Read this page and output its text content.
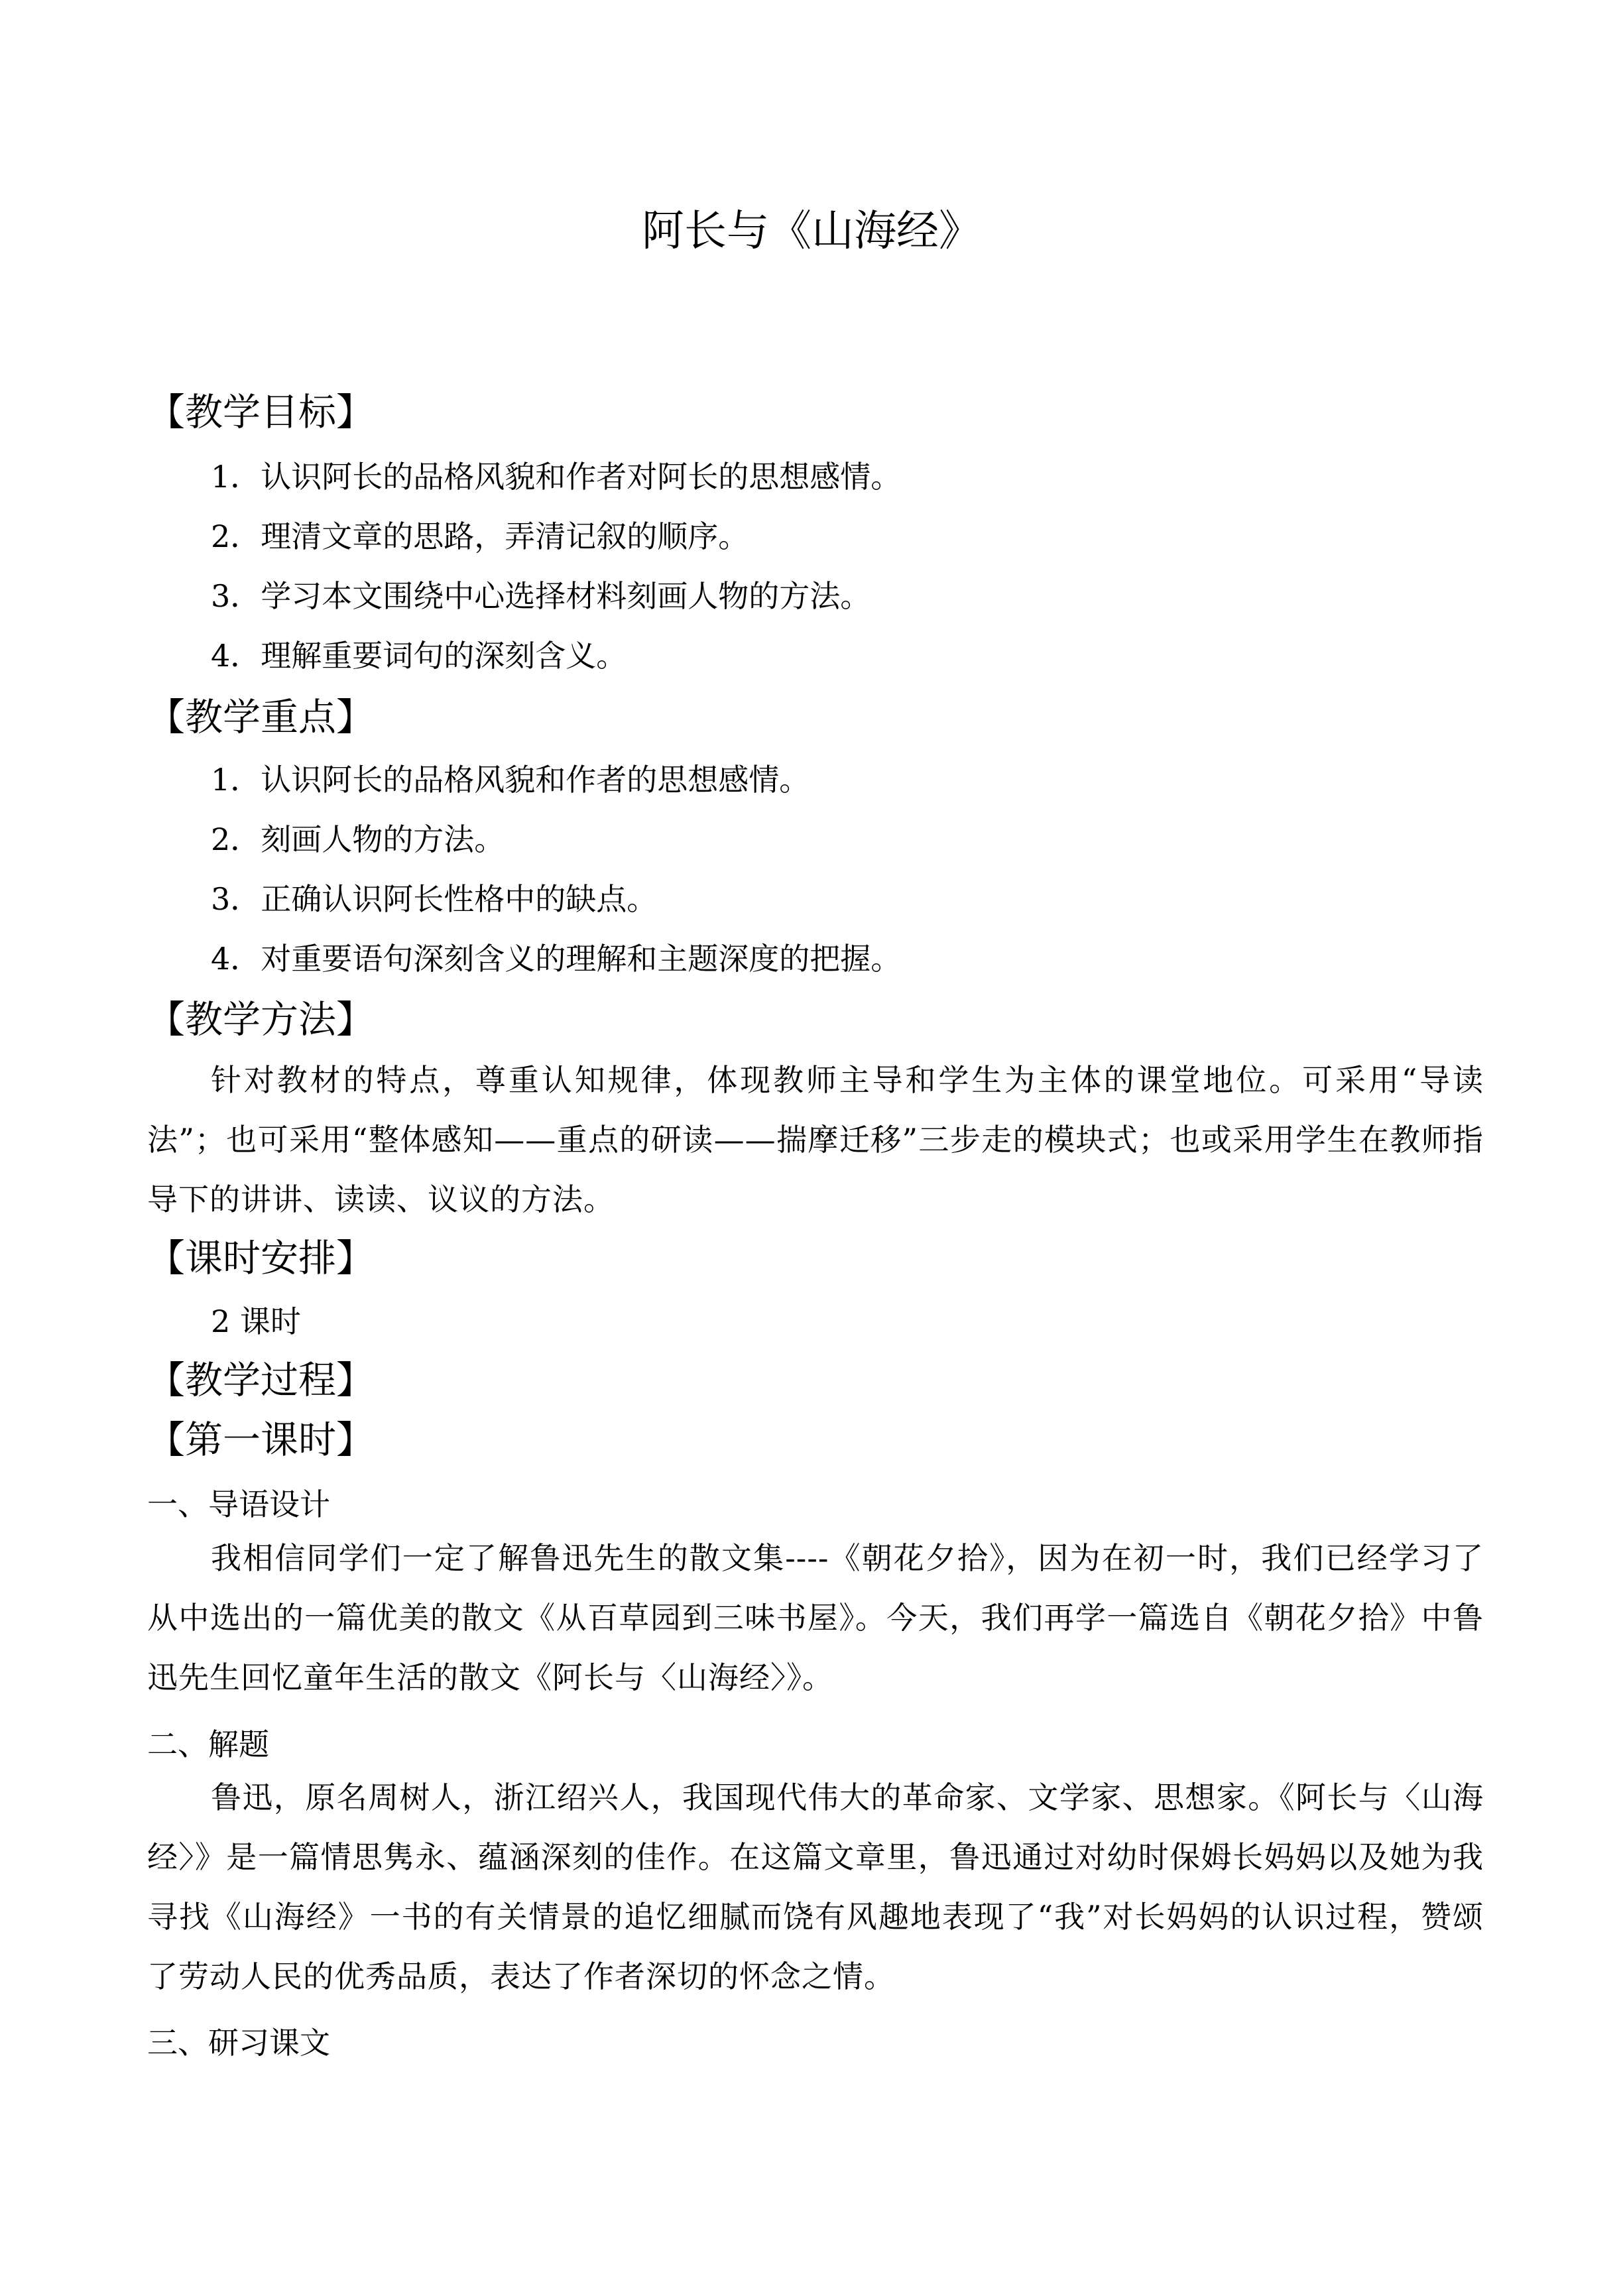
阿长与《山海经》
【教学目标】
1．认识阿长的品格风貌和作者对阿长的思想感情。
2．理清文章的思路，弄清记叙的顺序。
3．学习本文围绕中心选择材料刻画人物的方法。
4．理解重要词句的深刻含义。
【教学重点】
1．认识阿长的品格风貌和作者的思想感情。
2．刻画人物的方法。
3．正确认识阿长性格中的缺点。
4．对重要语句深刻含义的理解和主题深度的把握。
【教学方法】
针对教材的特点，尊重认知规律，体现教师主导和学生为主体的课堂地位。可采用“导读法”；也可采用“整体感知——重点的研读——揣摩迁移”三步走的模块式；也或采用学生在教师指导下的讲讲、读读、议议的方法。
【课时安排】
2 课时
【教学过程】
【第一课时】
一、导语设计
我相信同学们一定了解鲁迅先生的散文集----《朝花夕拾》，因为在初一时，我们已经学习了从中选出的一篇优美的散文《从百草园到三味书屋》。今天，我们再学一篇选自《朝花夕拾》中鲁迅先生回忆童年生活的散文《阿长与〈山海经〉》。
二、解题
鲁迅，原名周树人，浙江绍兴人，我国现代伟大的革命家、文学家、思想家。《阿长与〈山海经〉》是一篇情思隽永、蕴涵深刻的佳作。在这篇文章里，鲁迅通过对幼时保姆长妈妈以及她为我寻找《山海经》一书的有关情景的追忆细腻而饶有风趣地表现了“我”对长妈妈的认识过程，赞颂了劳动人民的优秀品质，表达了作者深切的怀念之情。
三、研习课文
